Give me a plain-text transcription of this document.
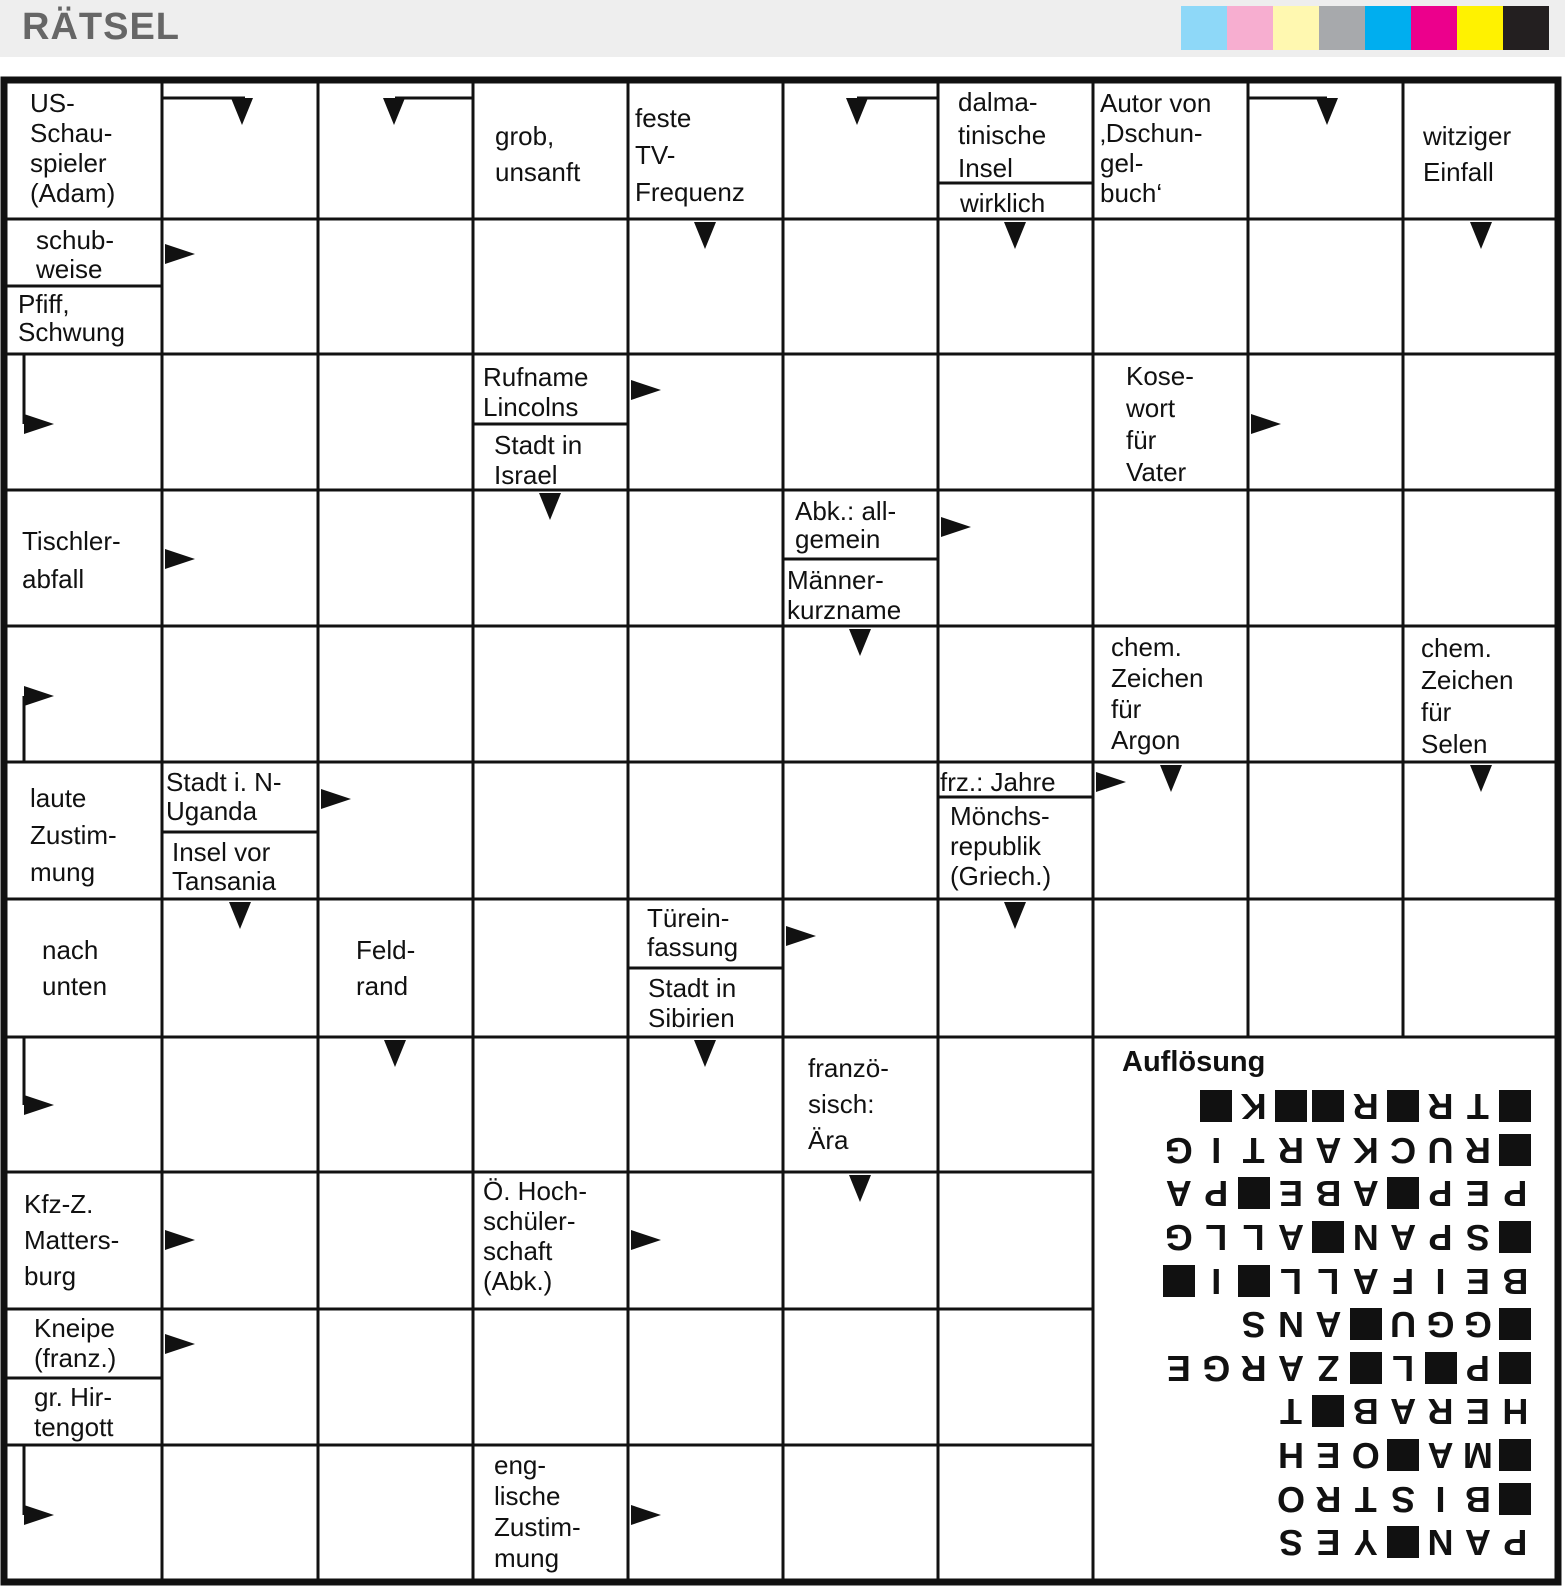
RÄTSEL
US-
Schau-
spieler
(Adam)
grob,
unsanft
feste
TV-
Frequenz
dalma-
tinische
Insel
wirklich
Autor von
‚Dschun-
gel-
buch‘
witziger
Einfall
schub-
weise
Pfiff,
Schwung
Rufname
Lincolns
Stadt in
Israel
Kose-
wort
für
Vater
Tischler-
abfall
Abk.: all-
gemein
Männer-
kurzname
chem.
Zeichen
für
Argon
chem.
Zeichen
für
Selen
laute
Zustim-
mung
Stadt i. N-
Uganda
Insel vor
Tansania
frz.: Jahre
Mönchs-
republik
(Griech.)
nach
unten
Feld-
rand
Türein-
fassung
Stadt in
Sibirien
franzö-
sisch:
Ära
Kfz-Z.
Matters-
burg
Ö. Hoch-
schüler-
schaft
(Abk.)
Kneipe
(franz.)
gr. Hir-
tengott
eng-
lische
Zustim-
mung
Auflösung
P
A
N
Y
E
S
B
I
S
T
R
O
M
A
O
E
H
H
E
R
A
B
T
P
L
Z
A
R
G
E
G
G
U
A
N
S
B
E
I
F
A
L
L
I
S
P
A
N
A
L
L
G
P
E
P
A
B
E
P
A
R
U
C
K
A
R
T
I
G
T
R
R
K
